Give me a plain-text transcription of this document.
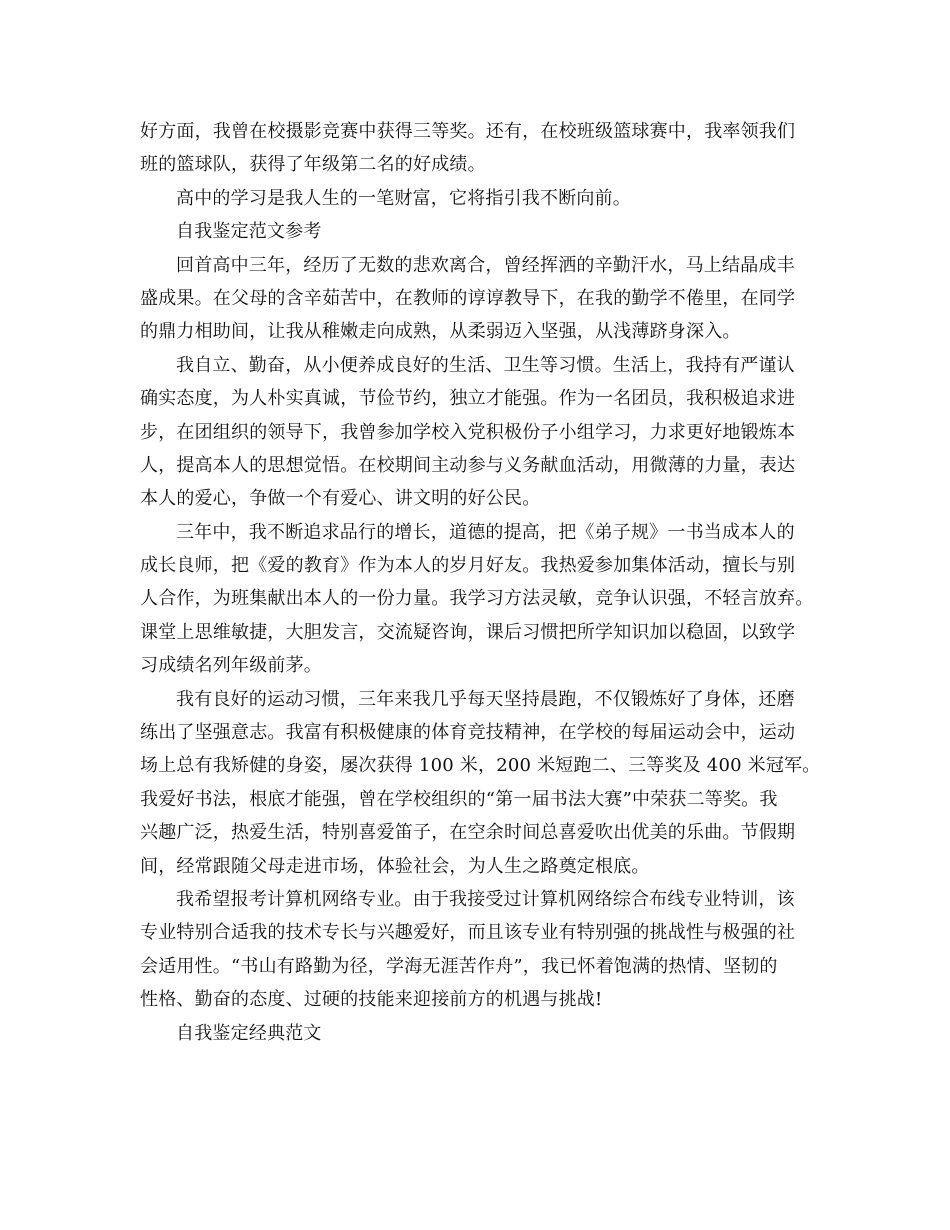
好方面，我曾在校摄影竞赛中获得三等奖。还有，在校班级篮球赛中，我率领我们
班的篮球队，获得了年级第二名的好成绩。
高中的学习是我人生的一笔财富，它将指引我不断向前。
自我鉴定范文参考
回首高中三年，经历了无数的悲欢离合，曾经挥洒的辛勤汗水，马上结晶成丰
盛成果。在父母的含辛茹苦中，在教师的谆谆教导下，在我的勤学不倦里，在同学
的鼎力相助间，让我从稚嫩走向成熟，从柔弱迈入坚强，从浅薄跻身深入。
我自立、勤奋，从小便养成良好的生活、卫生等习惯。生活上，我持有严谨认
确实态度，为人朴实真诚，节俭节约，独立才能强。作为一名团员，我积极追求进
步，在团组织的领导下，我曾参加学校入党积极份子小组学习，力求更好地锻炼本
人，提高本人的思想觉悟。在校期间主动参与义务献血活动，用微薄的力量，表达
本人的爱心，争做一个有爱心、讲文明的好公民。
三年中，我不断追求品行的增长，道德的提高，把《弟子规》一书当成本人的
成长良师，把《爱的教育》作为本人的岁月好友。我热爱参加集体活动，擅长与别
人合作，为班集献出本人的一份力量。我学习方法灵敏，竞争认识强，不轻言放弃。
课堂上思维敏捷，大胆发言，交流疑咨询，课后习惯把所学知识加以稳固，以致学
习成绩名列年级前茅。
我有良好的运动习惯，三年来我几乎每天坚持晨跑，不仅锻炼好了身体，还磨
练出了坚强意志。我富有积极健康的体育竞技精神，在学校的每届运动会中，运动
场上总有我矫健的身姿，屡次获得 100 米，200 米短跑二、三等奖及 400 米冠军。
我爱好书法，根底才能强，曾在学校组织的“第一届书法大赛”中荣获二等奖。我
兴趣广泛，热爱生活，特别喜爱笛子，在空余时间总喜爱吹出优美的乐曲。节假期
间，经常跟随父母走进市场，体验社会，为人生之路奠定根底。
我希望报考计算机网络专业。由于我接受过计算机网络综合布线专业特训，该
专业特别合适我的技术专长与兴趣爱好，而且该专业有特别强的挑战性与极强的社
会适用性。“书山有路勤为径，学海无涯苦作舟”，我已怀着饱满的热情、坚韧的
性格、勤奋的态度、过硬的技能来迎接前方的机遇与挑战!
自我鉴定经典范文
